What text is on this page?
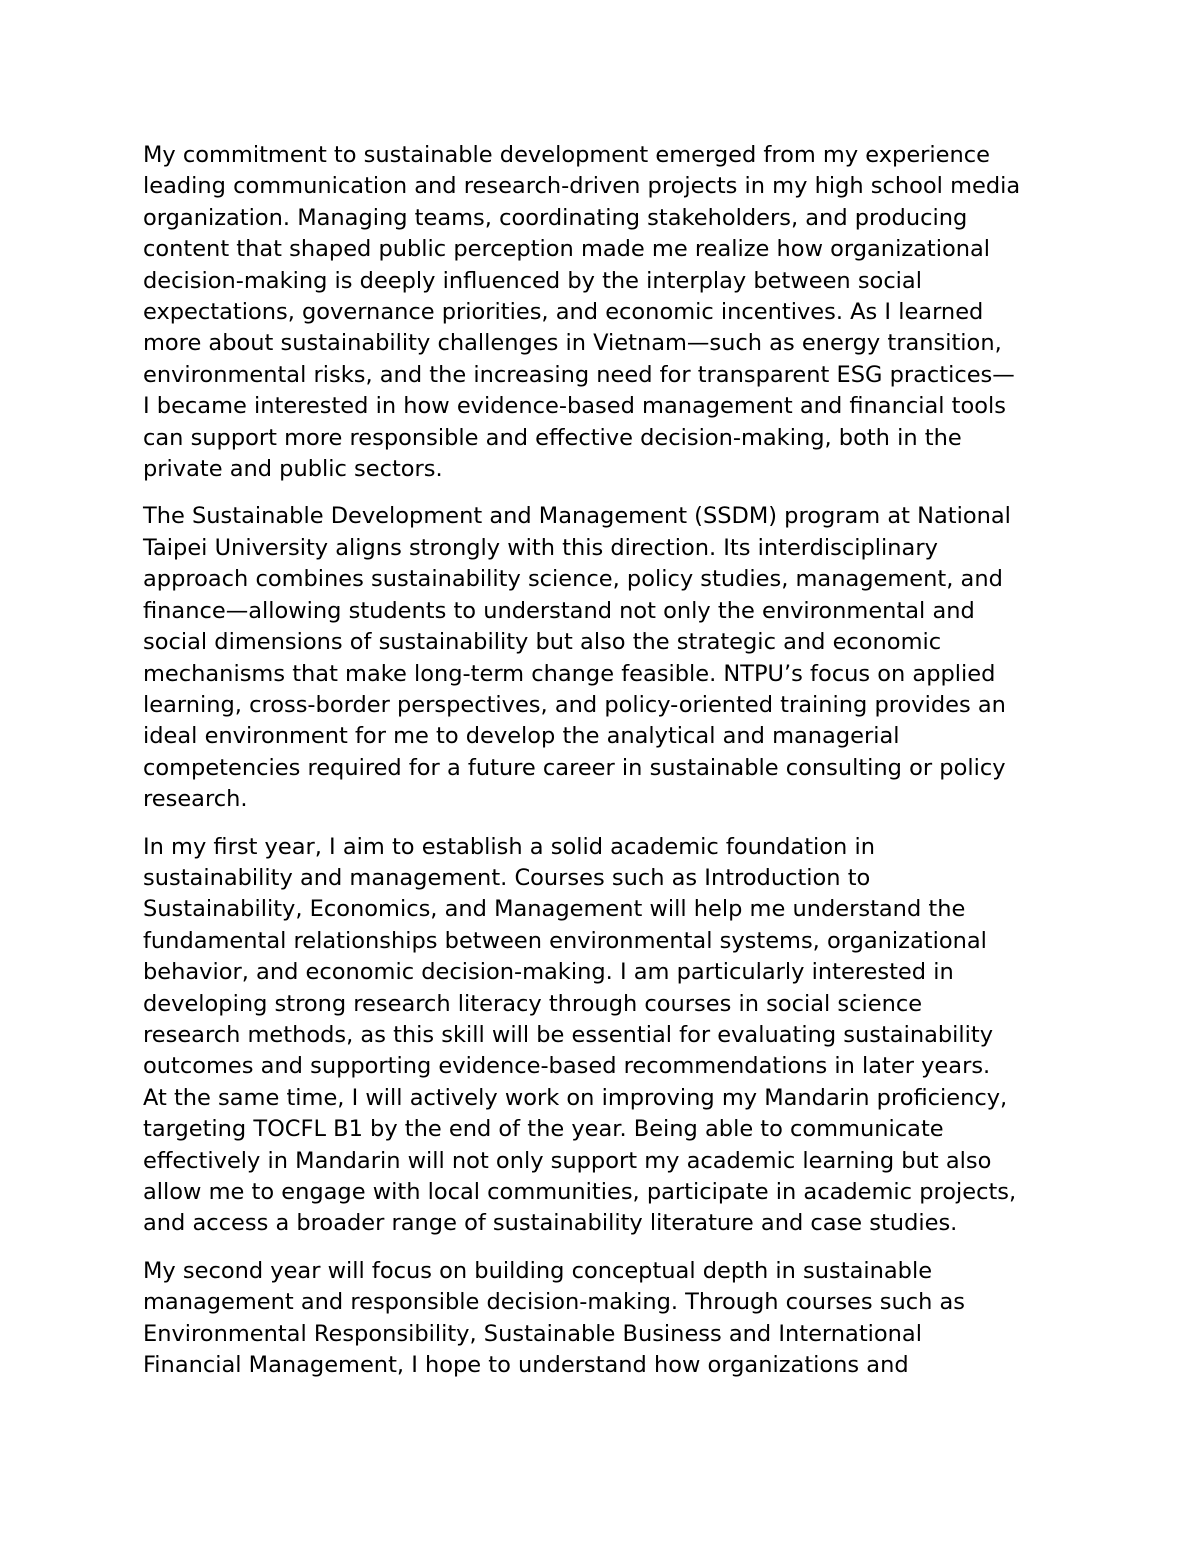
My commitment to sustainable development emerged from my experience
leading communication and research-driven projects in my high school media
organization. Managing teams, coordinating stakeholders, and producing
content that shaped public perception made me realize how organizational
decision-making is deeply influenced by the interplay between social
expectations, governance priorities, and economic incentives. As I learned
more about sustainability challenges in Vietnam—such as energy transition,
environmental risks, and the increasing need for transparent ESG practices—
I became interested in how evidence-based management and financial tools
can support more responsible and effective decision-making, both in the
private and public sectors.

The Sustainable Development and Management (SSDM) program at National
Taipei University aligns strongly with this direction. Its interdisciplinary
approach combines sustainability science, policy studies, management, and
finance—allowing students to understand not only the environmental and
social dimensions of sustainability but also the strategic and economic
mechanisms that make long-term change feasible. NTPU’s focus on applied
learning, cross-border perspectives, and policy-oriented training provides an
ideal environment for me to develop the analytical and managerial
competencies required for a future career in sustainable consulting or policy
research.

In my first year, I aim to establish a solid academic foundation in
sustainability and management. Courses such as Introduction to
Sustainability, Economics, and Management will help me understand the
fundamental relationships between environmental systems, organizational
behavior, and economic decision-making. I am particularly interested in
developing strong research literacy through courses in social science
research methods, as this skill will be essential for evaluating sustainability
outcomes and supporting evidence-based recommendations in later years.
At the same time, I will actively work on improving my Mandarin proficiency,
targeting TOCFL B1 by the end of the year. Being able to communicate
effectively in Mandarin will not only support my academic learning but also
allow me to engage with local communities, participate in academic projects,
and access a broader range of sustainability literature and case studies.

My second year will focus on building conceptual depth in sustainable
management and responsible decision-making. Through courses such as
Environmental Responsibility, Sustainable Business and International
Financial Management, I hope to understand how organizations and
